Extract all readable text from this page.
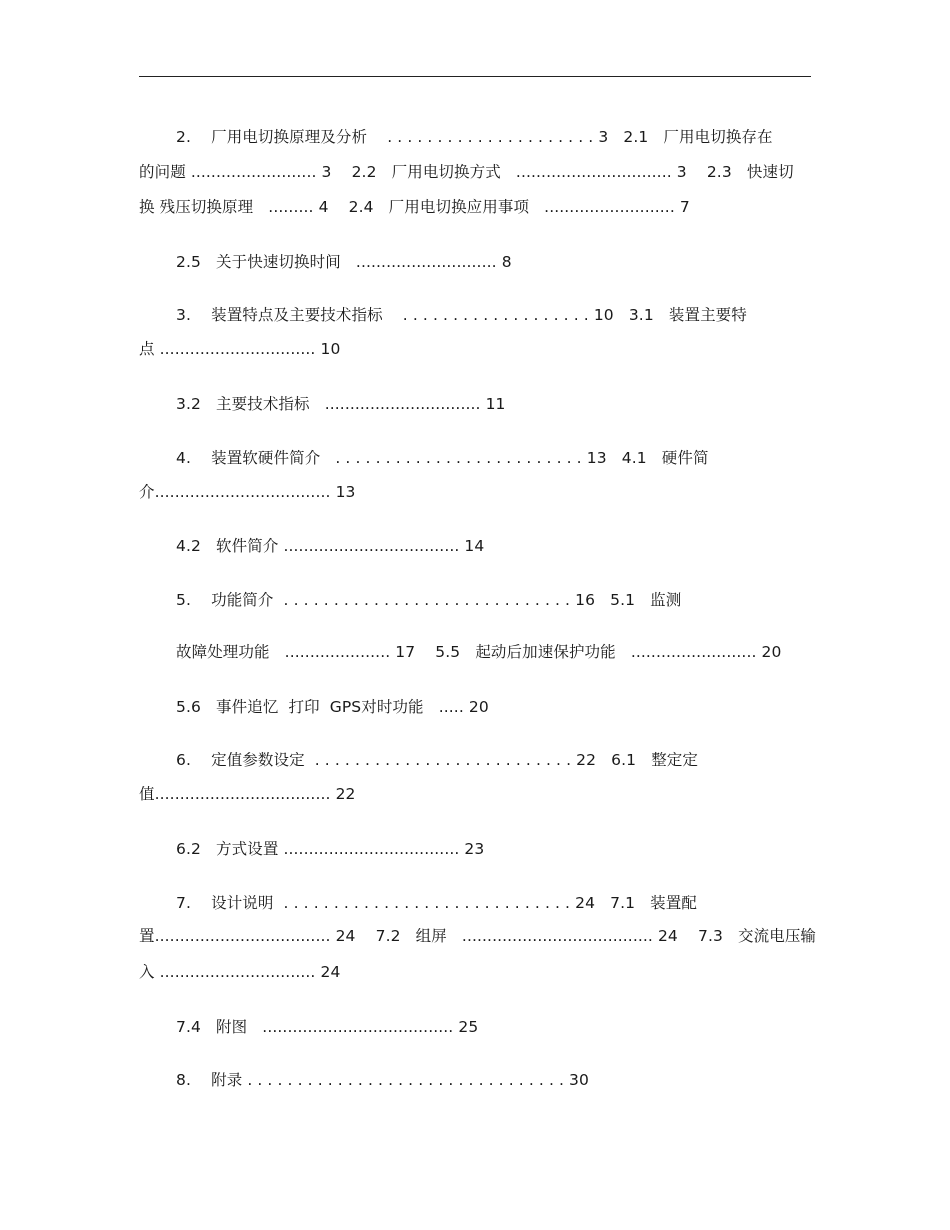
2.    厂用电切换原理及分析    . . . . . . . . . . . . . . . . . . . . . 3   2.1   厂用电切换存在
的问题 ......................... 3    2.2   厂用电切换方式   ............................... 3    2.3   快速切
换 残压切换原理   ......... 4    2.4   厂用电切换应用事项   .......................... 7
2.5   关于快速切换时间   ............................ 8
3.    装置特点及主要技术指标    . . . . . . . . . . . . . . . . . . . 10   3.1   装置主要特
点 ............................... 10
3.2   主要技术指标   ............................... 11
4.    装置软硬件简介   . . . . . . . . . . . . . . . . . . . . . . . . . 13   4.1   硬件简
介................................... 13
4.2   软件简介 ................................... 14
5.    功能简介  . . . . . . . . . . . . . . . . . . . . . . . . . . . . . 16   5.1   监测
故障处理功能   ..................... 17    5.5   起动后加速保护功能   ......................... 20
5.6   事件追忆  打印  GPS对时功能   ..... 20
6.    定值参数设定  . . . . . . . . . . . . . . . . . . . . . . . . . . 22   6.1   整定定
值................................... 22
6.2   方式设置 ................................... 23
7.    设计说明  . . . . . . . . . . . . . . . . . . . . . . . . . . . . . 24   7.1   装置配
置................................... 24    7.2   组屏   ...................................... 24    7.3   交流电压输
入 ............................... 24
7.4   附图   ...................................... 25
8.    附录 . . . . . . . . . . . . . . . . . . . . . . . . . . . . . . . . 30
